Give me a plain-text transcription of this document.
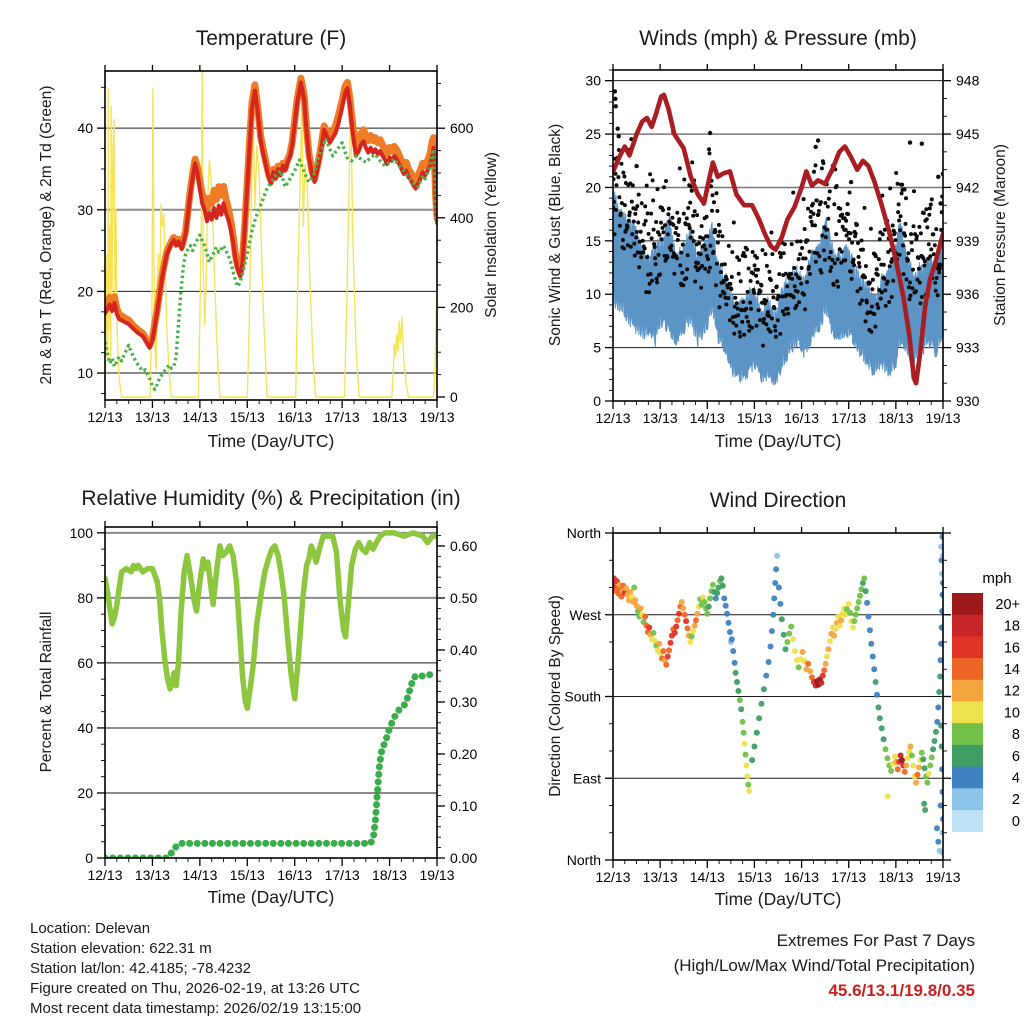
12/13 13/13 14/13 15/13 16/13 17/13 18/13 19/13
10
20
30
40
0
200
400
600
12/13 13/13 14/13 15/13 16/13 17/13 18/13 19/13
0
5
10
15
20
25
30
930
933
936
939
942
945
948
12/13 13/13 14/13 15/13 16/13 17/13 18/13 19/13
0
20
40
60
80
100
0.00
0.10
0.20
0.30
0.40
0.50
0.60
12/13 13/13 14/13 15/13 16/13 17/13 18/13 19/13
North
West
South
East
North
mph
20+
18
16
14
12
10
8
6
4
2
0
Temperature (F)
2m & 9m T (Red, Orange) & 2m Td (Green)	Solar Insolation (Yellow)
Time (Day/UTC)
Winds (mph) & Pressure (mb)
Sonic Wind & Gust (Blue, Black)	Station Pressure (Maroon)
Time (Day/UTC)
Relative Humidity (%) & Precipitation (in)
Percent & Total Rainfall
Time (Day/UTC)
Wind Direction
Direction (Colored By Speed)
Time (Day/UTC)
Location: Delevan
Station elevation: 622.31 m
Station lat/lon: 42.4185; -78.4232
Figure created on Thu, 2026-02-19, at 13:26 UTC
Most recent data timestamp: 2026/02/19 13:15:00
Extremes For Past 7 Days
(High/Low/Max Wind/Total Precipitation)
45.6/13.1/19.8/0.35
